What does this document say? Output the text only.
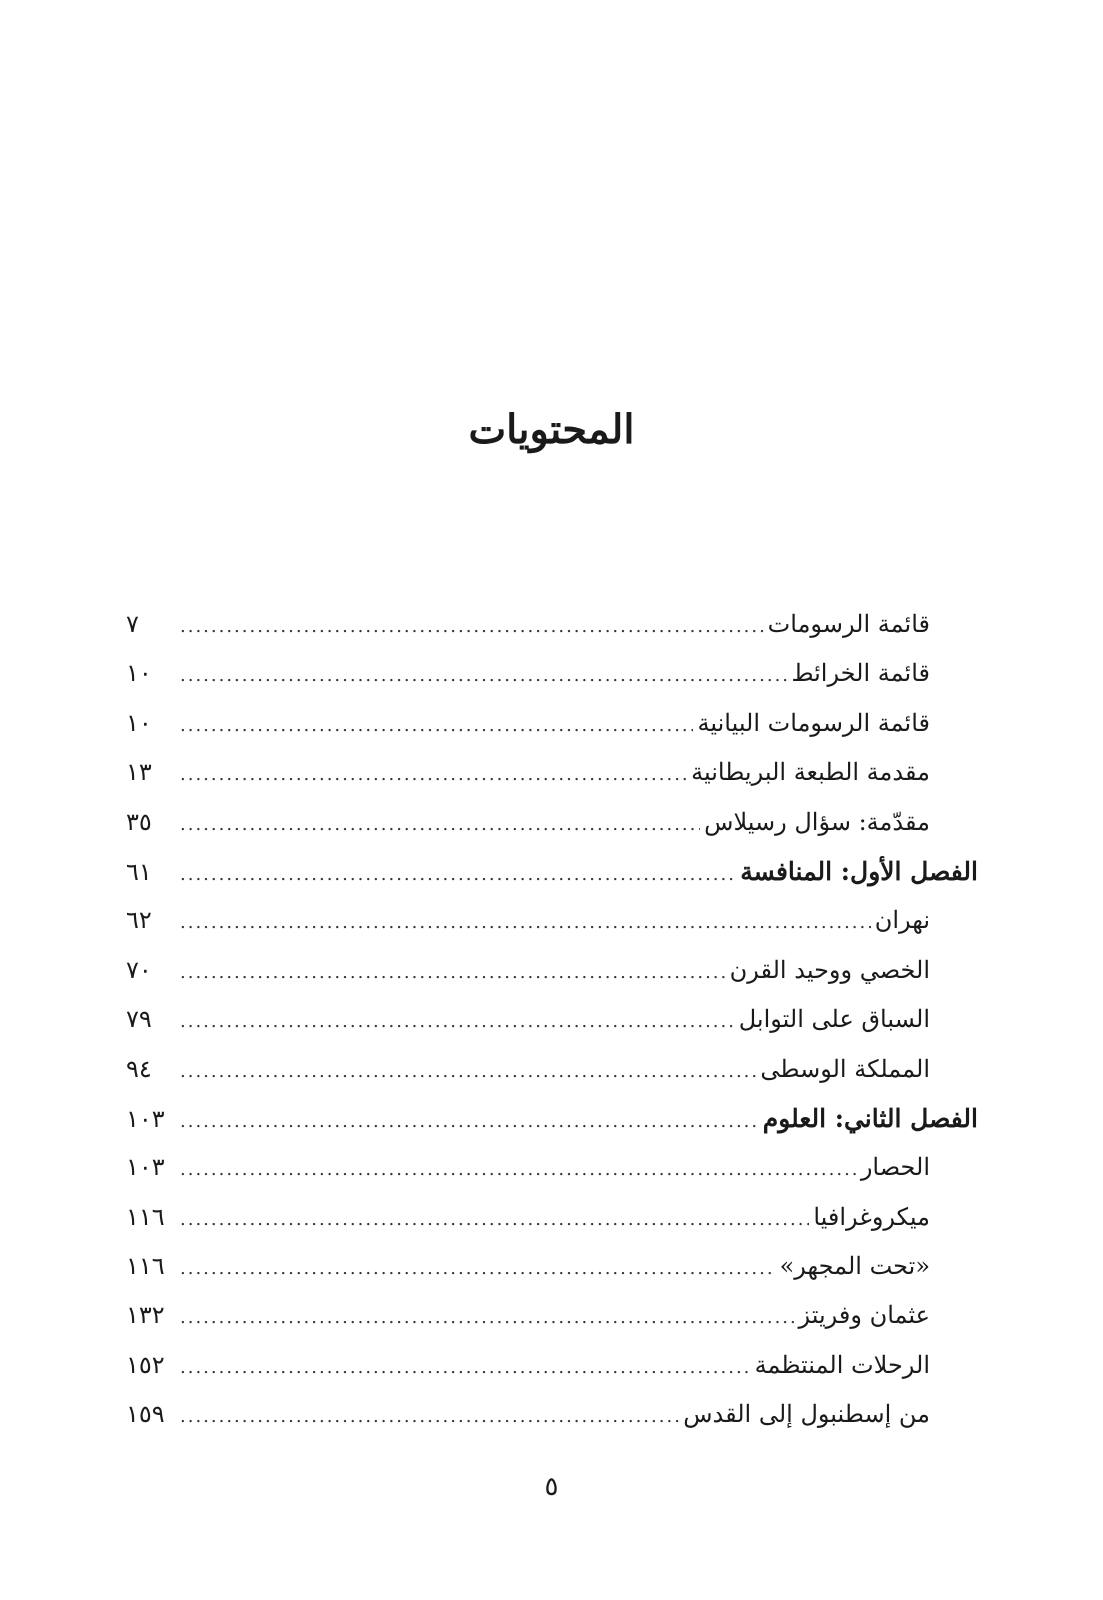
المحتويات
قائمة الرسومات
.....
٧
قائمة الخرائط
.....
١٠
قائمة الرسومات البيانية
.....
١٠
مقدمة الطبعة البريطانية
.....
١٣
مقدّمة: سؤال رسيلاس
.....
٣٥
الفصل الأول: المنافسة
.....
٦١
نهران
.....
٦٢
الخصي ووحيد القرن
.....
٧٠
السباق على التوابل
.....
٧٩
المملكة الوسطى
.....
٩٤
الفصل الثاني: العلوم
.....
١٠٣
الحصار
.....
١٠٣
ميكروغرافيا
.....
١١٦
«تحت المجهر»
.....
١١٦
عثمان وفريتز
.....
١٣٢
الرحلات المنتظمة
.....
١٥٢
من إسطنبول إلى القدس
.....
١٥٩
٥
